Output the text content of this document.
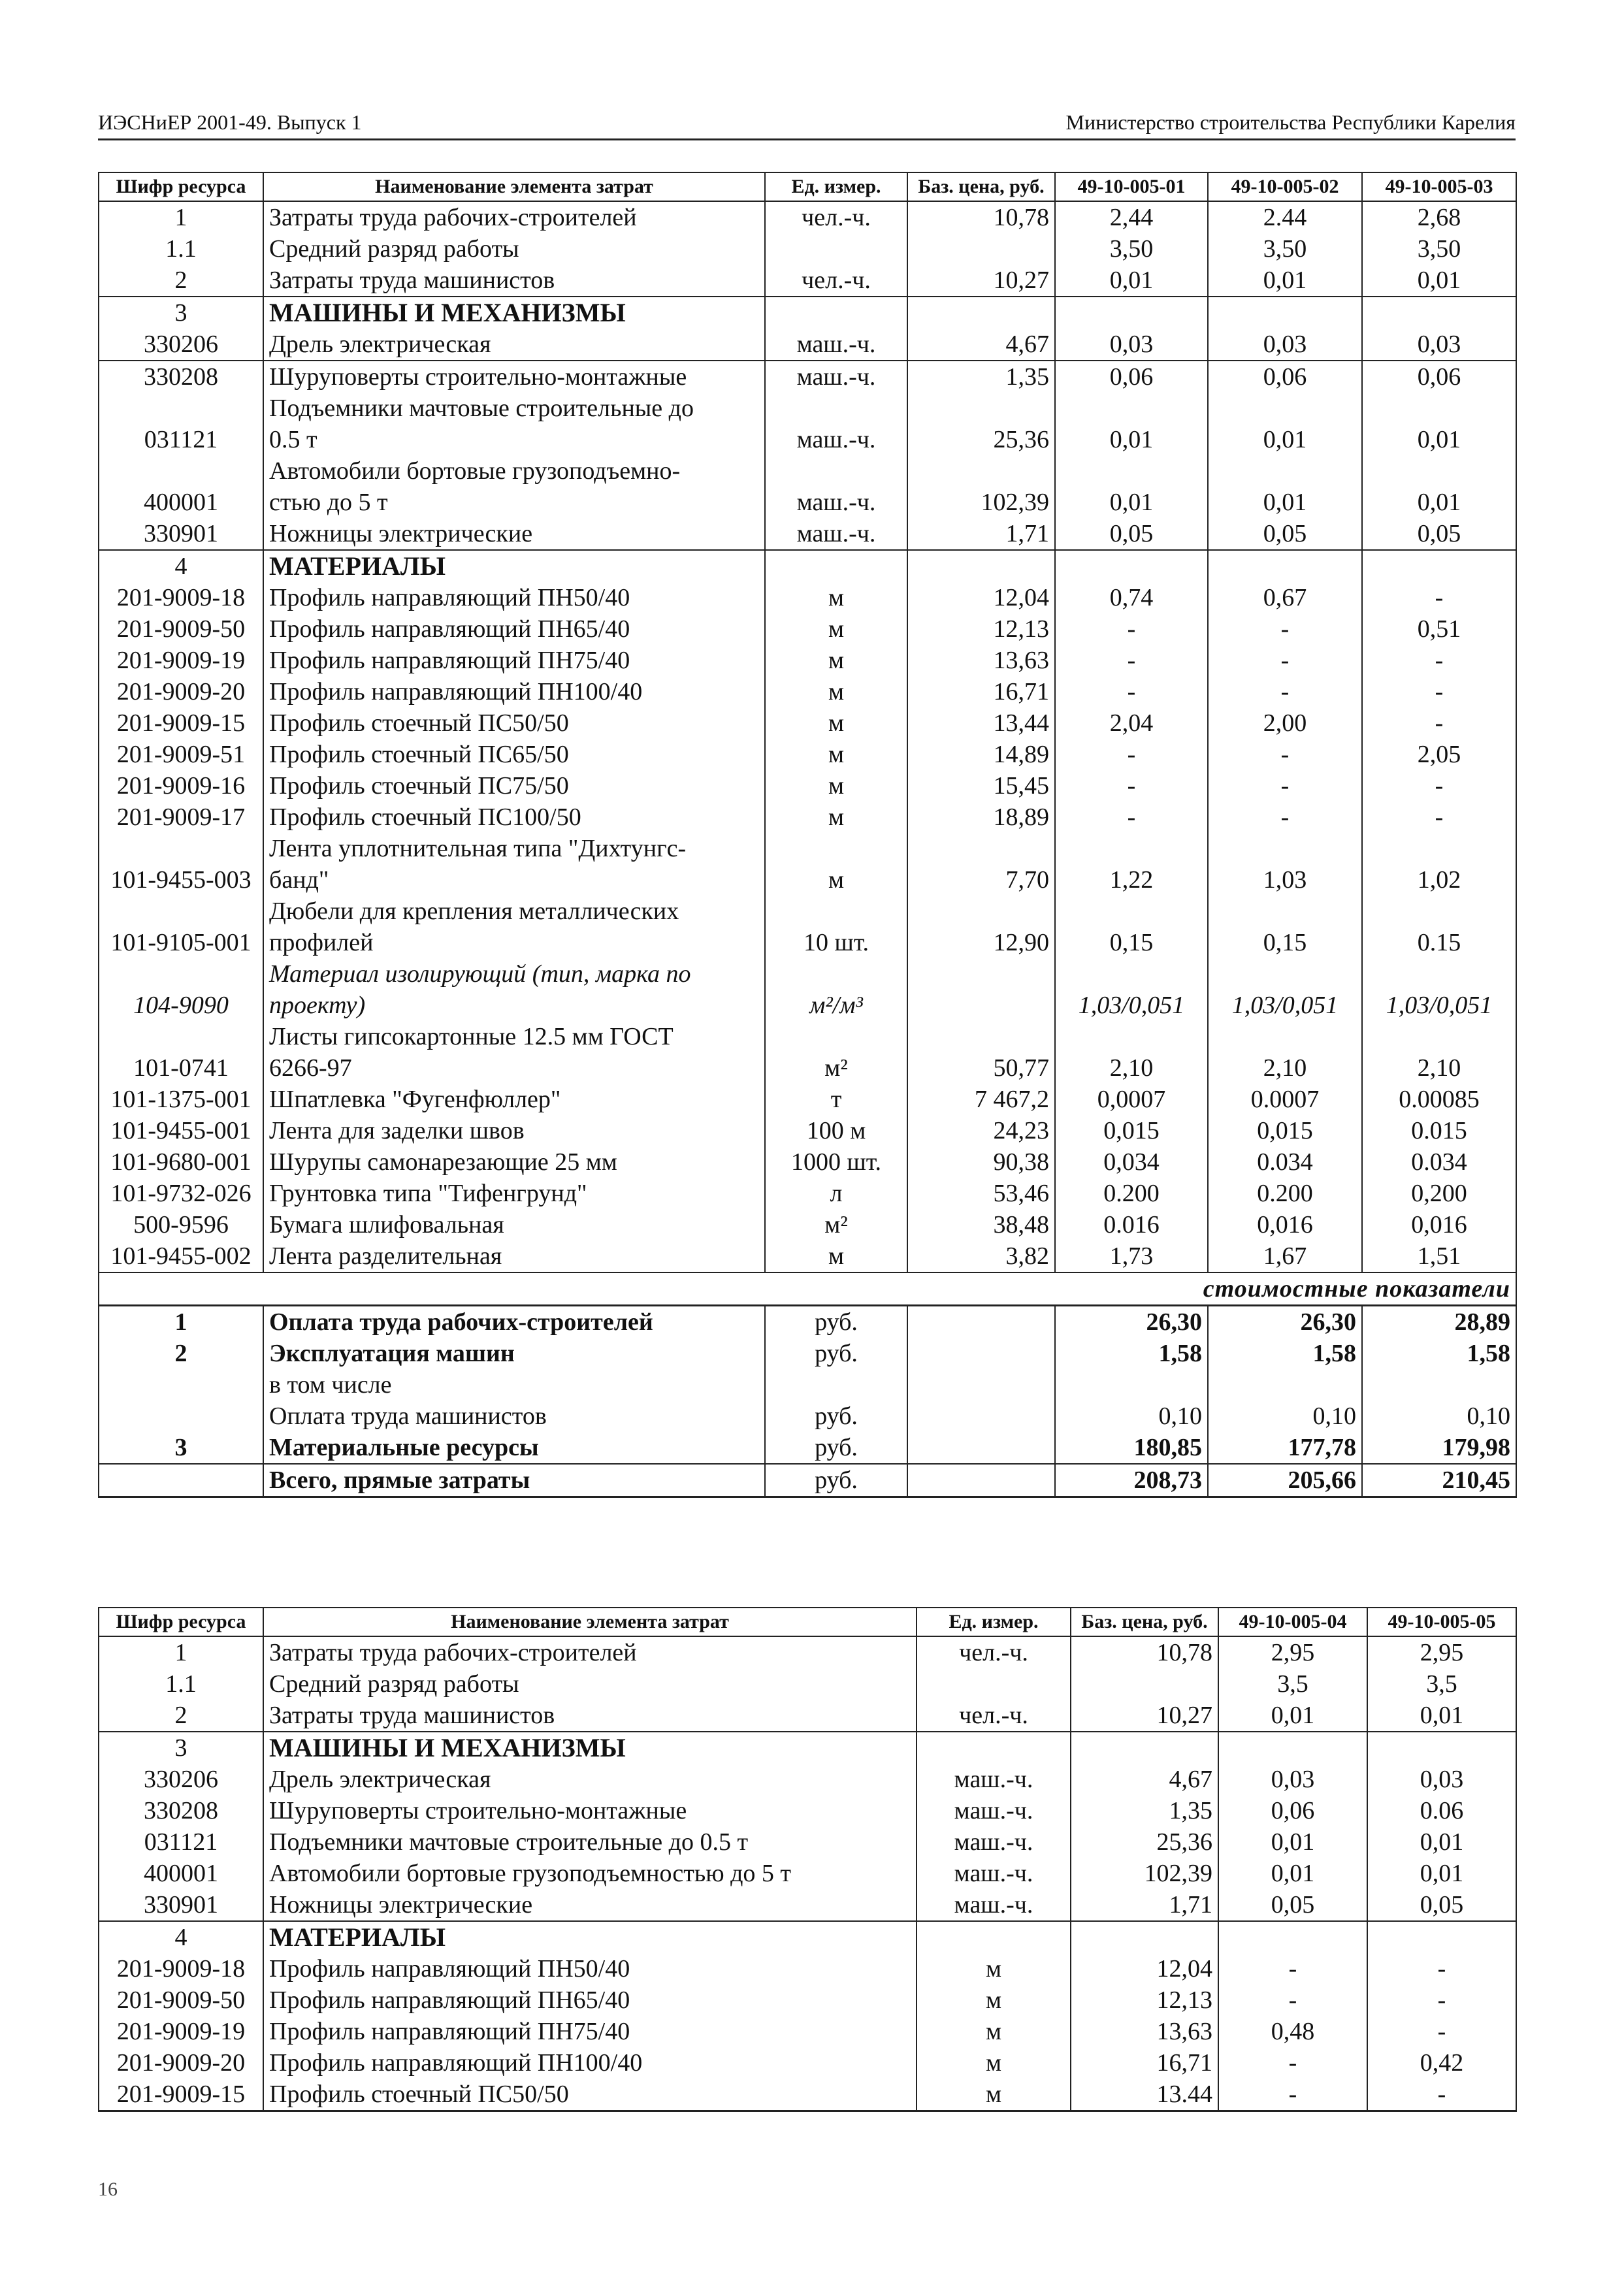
ИЭСНиЕР 2001-49. Выпуск 1	Министерство строительства Республики Карелия
Шифр ресурса	Наименование элемента затрат	Ед. измер.	Баз. цена, руб.	49-10-005-01	49-10-005-02	49-10-005-03
1	Затраты труда рабочих-строителей	чел.-ч.	10,78	2,44	2.44	2,68
1.1	Средний разряд работы			3,50	3,50	3,50
2	Затраты труда машинистов	чел.-ч.	10,27	0,01	0,01	0,01
3	МАШИНЫ И МЕХАНИЗМЫ					
330206	Дрель электрическая	маш.-ч.	4,67	0,03	0,03	0,03
330208	Шуруповерты строительно-монтажные	маш.-ч.	1,35	0,06	0,06	0,06
031121	Подъемники мачтовые строительные до
0.5 т	маш.-ч.	25,36	0,01	0,01	0,01
400001	Автомобили бортовые грузоподъемно-
стью до 5 т	маш.-ч.	102,39	0,01	0,01	0,01
330901	Ножницы электрические	маш.-ч.	1,71	0,05	0,05	0,05
4	МАТЕРИАЛЫ					
201-9009-18	Профиль направляющий ПН50/40	м	12,04	0,74	0,67	-
201-9009-50	Профиль направляющий ПН65/40	м	12,13	-	-	0,51
201-9009-19	Профиль направляющий ПН75/40	м	13,63	-	-	-
201-9009-20	Профиль направляющий ПН100/40	м	16,71	-	-	-
201-9009-15	Профиль стоечный ПС50/50	м	13,44	2,04	2,00	-
201-9009-51	Профиль стоечный ПС65/50	м	14,89	-	-	2,05
201-9009-16	Профиль стоечный ПС75/50	м	15,45	-	-	-
201-9009-17	Профиль стоечный ПС100/50	м	18,89	-	-	-
101-9455-003	Лента уплотнительная типа "Дихтунгс-
банд"	м	7,70	1,22	1,03	1,02
101-9105-001	Дюбели для крепления металлических
профилей	10 шт.	12,90	0,15	0,15	0.15
104-9090	Материал изолирующий (тип, марка по
проекту)	м²/м³		1,03/0,051	1,03/0,051	1,03/0,051
101-0741	Листы гипсокартонные 12.5 мм ГОСТ
6266-97	м²	50,77	2,10	2,10	2,10
101-1375-001	Шпатлевка "Фугенфюллер"	т	7 467,2	0,0007	0.0007	0.00085
101-9455-001	Лента для заделки швов	100 м	24,23	0,015	0,015	0.015
101-9680-001	Шурупы самонарезающие 25 мм	1000 шт.	90,38	0,034	0.034	0.034
101-9732-026	Грунтовка типа "Тифенгрунд"	л	53,46	0.200	0.200	0,200
500-9596	Бумага шлифовальная	м²	38,48	0.016	0,016	0,016
101-9455-002	Лента разделительная	м	3,82	1,73	1,67	1,51
стоимостные показатели						
1	Оплата труда рабочих-строителей	руб.		26,30	26,30	28,89
2	Эксплуатация машин	руб.		1,58	1,58	1,58
	в том числе					
	Оплата труда машинистов	руб.		0,10	0,10	0,10
3	Материальные ресурсы	руб.		180,85	177,78	179,98
	Всего, прямые затраты	руб.		208,73	205,66	210,45
Шифр ресурса	Наименование элемента затрат	Ед. измер.	Баз. цена, руб.	49-10-005-04	49-10-005-05
1	Затраты труда рабочих-строителей	чел.-ч.	10,78	2,95	2,95
1.1	Средний разряд работы			3,5	3,5
2	Затраты труда машинистов	чел.-ч.	10,27	0,01	0,01
3	МАШИНЫ И МЕХАНИЗМЫ				
330206	Дрель электрическая	маш.-ч.	4,67	0,03	0,03
330208	Шуруповерты строительно-монтажные	маш.-ч.	1,35	0,06	0.06
031121	Подъемники мачтовые строительные до 0.5 т	маш.-ч.	25,36	0,01	0,01
400001	Автомобили бортовые грузоподъемностью до 5 т	маш.-ч.	102,39	0,01	0,01
330901	Ножницы электрические	маш.-ч.	1,71	0,05	0,05
4	МАТЕРИАЛЫ				
201-9009-18	Профиль направляющий ПН50/40	м	12,04	-	-
201-9009-50	Профиль направляющий ПН65/40	м	12,13	-	-
201-9009-19	Профиль направляющий ПН75/40	м	13,63	0,48	-
201-9009-20	Профиль направляющий ПН100/40	м	16,71	-	0,42
201-9009-15	Профиль стоечный ПС50/50	м	13.44	-	-
16
